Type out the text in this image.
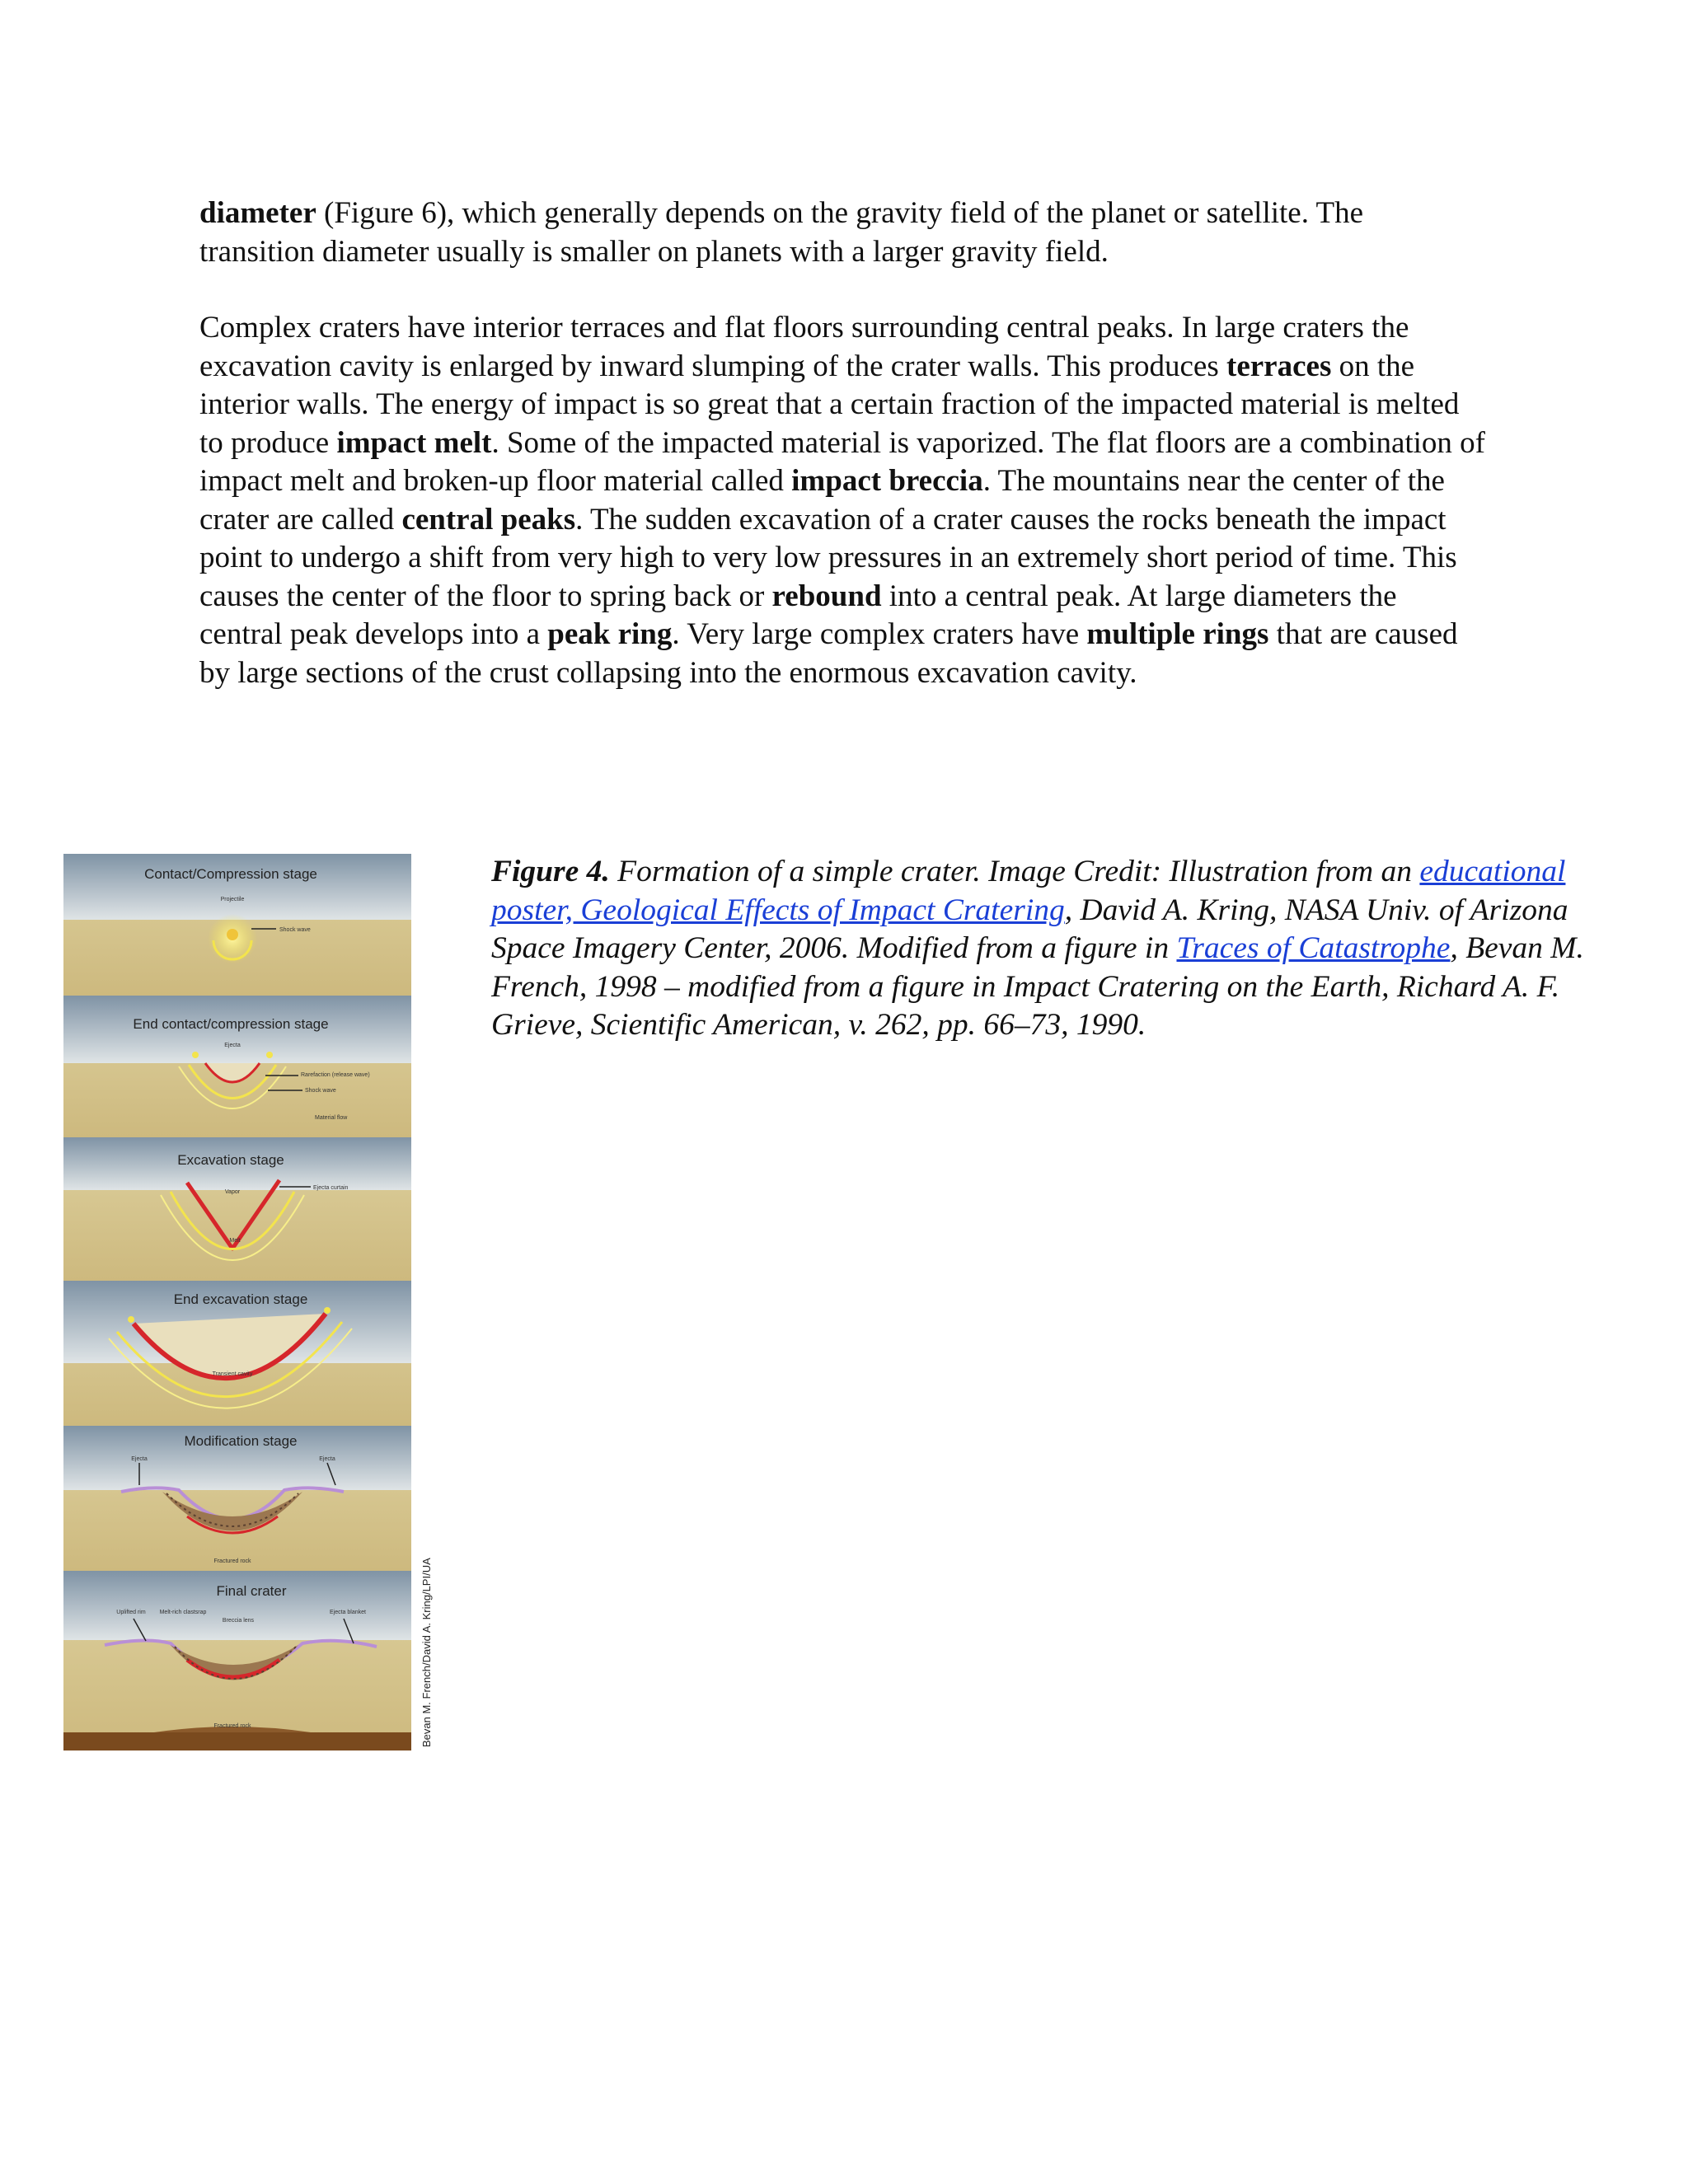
diameter (Figure 6), which generally depends on the gravity field of the planet or satellite. The transition diameter usually is smaller on planets with a larger gravity field.

Complex craters have interior terraces and flat floors surrounding central peaks. In large craters the excavation cavity is enlarged by inward slumping of the crater walls. This produces terraces on the interior walls. The energy of impact is so great that a certain fraction of the impacted material is melted to produce impact melt. Some of the impacted material is vaporized. The flat floors are a combination of impact melt and broken-up floor material called impact breccia. The mountains near the center of the crater are called central peaks. The sudden excavation of a crater causes the rocks beneath the impact point to undergo a shift from very high to very low pressures in an extremely short period of time. This causes the center of the floor to spring back or rebound into a central peak. At large diameters the central peak develops into a peak ring. Very large complex craters have multiple rings that are caused by large sections of the crust collapsing into the enormous excavation cavity.

Contact/Compression stage
Projectile
Shock wave
End contact/compression stage
Ejecta
Rarefaction (release wave)
Shock wave
Material flow
Excavation stage
Vapor
Ejecta curtain
Melt
End excavation stage
Transient cavity
Modification stage
Ejecta	Ejecta
Fractured rock
Final crater
Uplifted rim Melt-rich clastsrap
Breccia lens
Ejecta blanket
Fractured rock	Bevan M. French/David A. Kring/LPI/UA
Figure 4. Formation of a simple crater. Image Credit: Illustration from an educational poster, Geological Effects of Impact Cratering, David A. Kring, NASA Univ. of Arizona Space Imagery Center, 2006. Modified from a figure in Traces of Catastrophe, Bevan M. French, 1998 – modified from a figure in Impact Cratering on the Earth, Richard A. F. Grieve, Scientific American, v. 262, pp. 66–73, 1990.
